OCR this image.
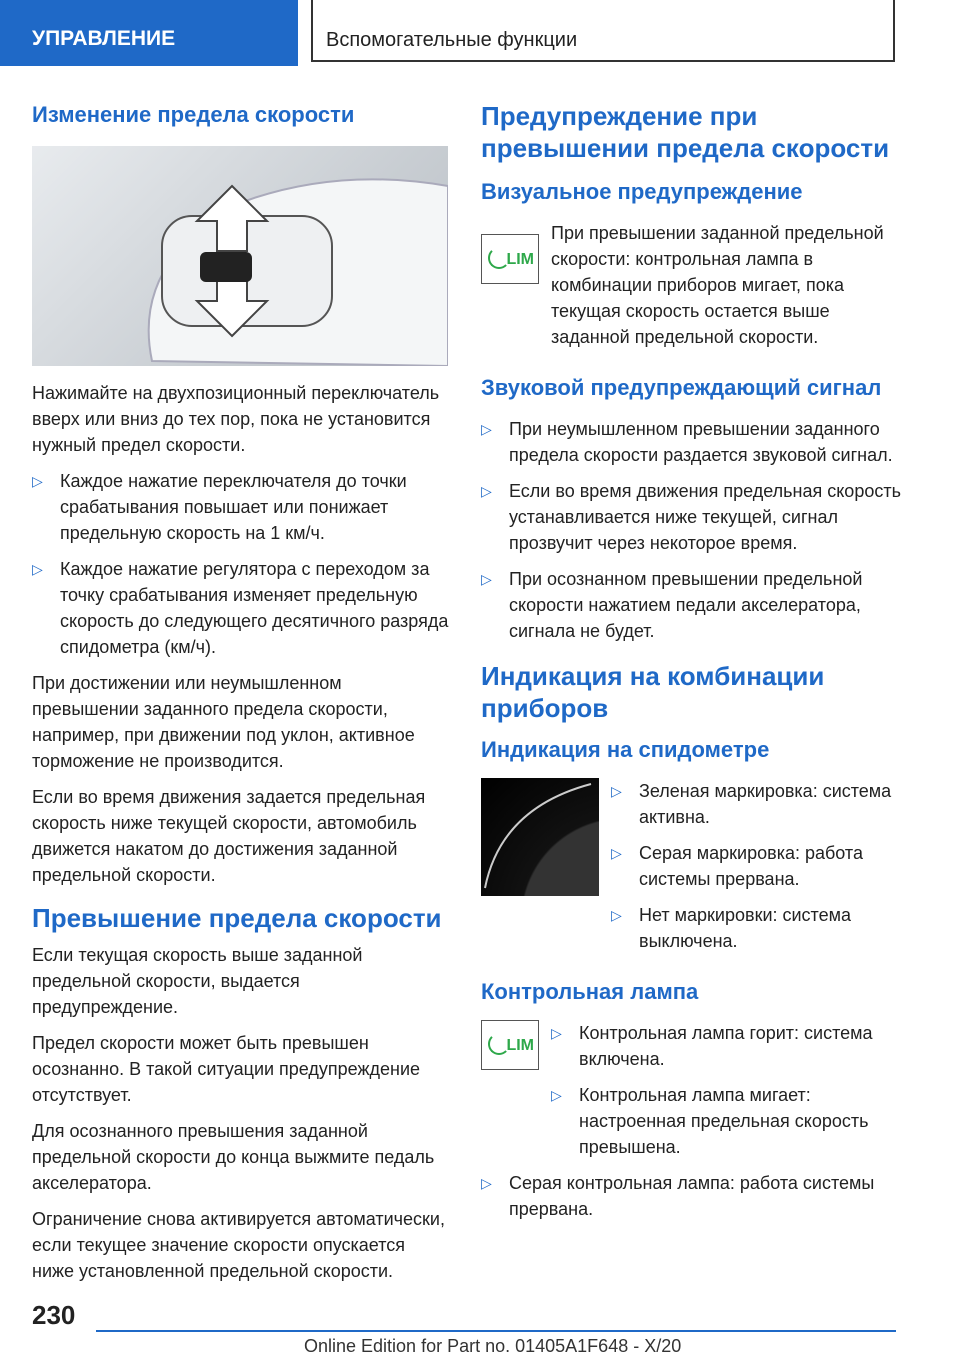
УПРАВЛЕНИЕ	Вспомогательные функции
Изменение предела скорости

Нажимайте на двухпозиционный переключатель вверх или вниз до тех пор, пока не установится нужный предел скорости.

▷ Каждое нажатие переключателя до точки срабатывания повышает или понижает предельную скорость на 1 км/ч.
▷ Каждое нажатие регулятора с переходом за точку срабатывания изменяет предельную скорость до следующего десятичного разряда спидометра (км/ч).

При достижении или неумышленном превышении заданного предела скорости, например, при движении под уклон, активное торможение не производится.

Если во время движения задается предельная скорость ниже текущей скорости, автомобиль движется накатом до достижения заданной предельной скорости.

Превышение предела скорости

Если текущая скорость выше заданной предельной скорости, выдается предупреждение.

Предел скорости может быть превышен осознанно. В такой ситуации предупреждение отсутствует.

Для осознанного превышения заданной предельной скорости до конца выжмите педаль акселератора.

Ограничение снова активируется автоматически, если текущее значение скорости опускается ниже установленной предельной скорости.

Предупреждение при превышении предела скорости
Визуальное предупреждение
LIM

При превышении заданной предельной скорости: контрольная лампа в комбинации приборов мигает, пока текущая скорость остается выше заданной предельной скорости.

Звуковой предупреждающий сигнал
▷ При неумышленном превышении заданного предела скорости раздается звуковой сигнал.
▷ Если во время движения предельная скорость устанавливается ниже текущей, сигнал прозвучит через некоторое время.
▷ При осознанном превышении предельной скорости нажатием педали акселератора, сигнала не будет.
Индикация на комбинации приборов
Индикация на спидометре
▷ Зеленая маркировка: система активна.
▷ Серая маркировка: работа системы прервана.
▷ Нет маркировки: система выключена.
Контрольная лампа
LIM
▷ Контрольная лампа горит: система включена.
▷ Контрольная лампа мигает: настроенная предельная скорость превышена.
▷ Серая контрольная лампа: работа системы прервана.
230
Online Edition for Part no. 01405A1F648 - X/20
